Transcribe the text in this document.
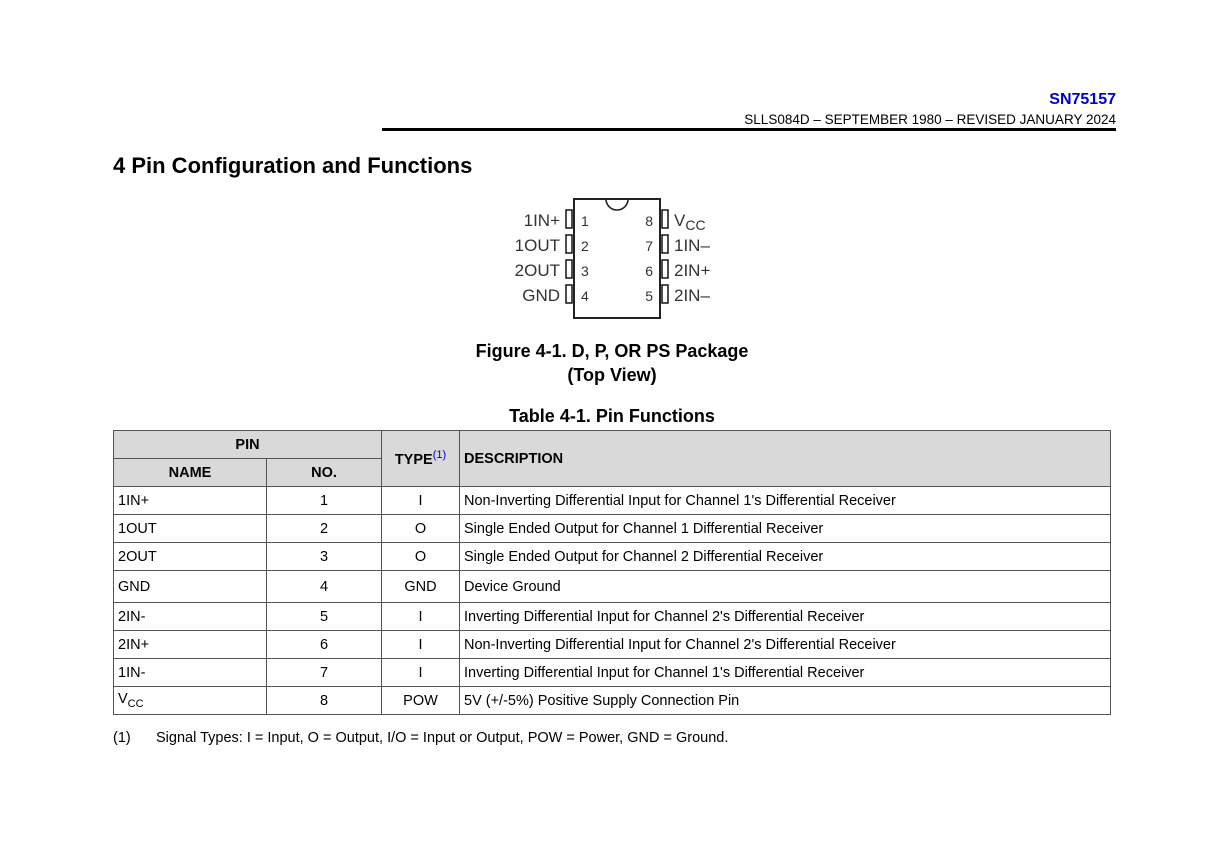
SN75157
SLLS084D – SEPTEMBER 1980 – REVISED JANUARY 2024
4 Pin Configuration and Functions
1IN+
1OUT
2OUT
GND
1
2
3
4
8
7
6
5
$V_{CC}$
1IN–
2IN+
2IN–
Figure 4-1. D, P, OR PS Package
(Top View)
Table 4-1. Pin Functions
PIN		TYPE$^{(1)}$	DESCRIPTION
NAME	NO.		
1IN+	1	I	Non-Inverting Differential Input for Channel 1's Differential Receiver
1OUT	2	O	Single Ended Output for Channel 1 Differential Receiver
2OUT	3	O	Single Ended Output for Channel 2 Differential Receiver
GND	4	GND	Device Ground
2IN-	5	I	Inverting Differential Input for Channel 2's Differential Receiver
2IN+	6	I	Non-Inverting Differential Input for Channel 2's Differential Receiver
1IN-	7	I	Inverting Differential Input for Channel 1's Differential Receiver
$V_{CC}$	8	POW	5V (+/-5%) Positive Supply Connection Pin
(1) Signal Types: I = Input, O = Output, I/O = Input or Output, POW = Power, GND = Ground.
